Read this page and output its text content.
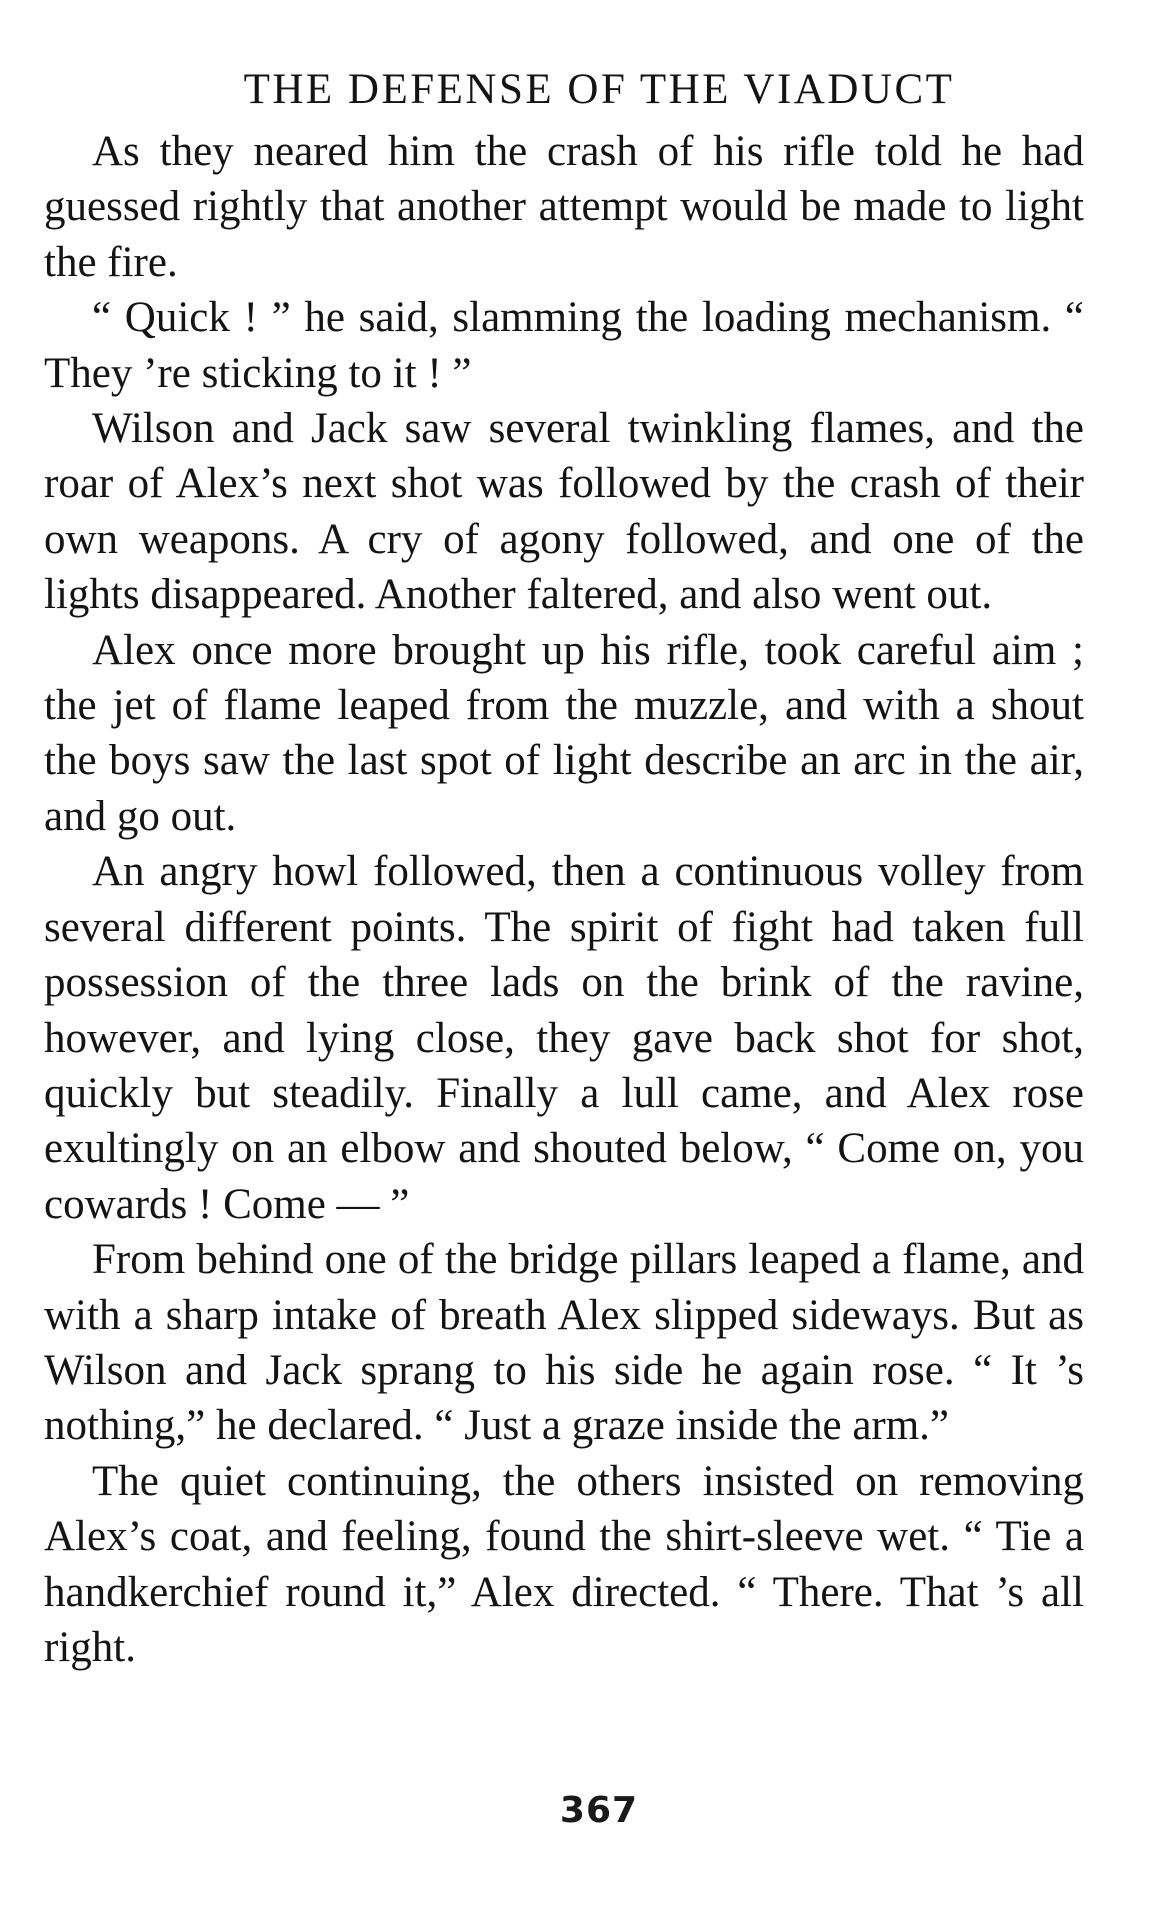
THE DEFENSE OF THE VIADUCT

As they neared him the crash of his rifle told he had guessed rightly that another attempt would be made to light the fire.

“ Quick ! ” he said, slamming the loading mechanism. “ They ’re sticking to it ! ”

Wilson and Jack saw several twinkling flames, and the roar of Alex’s next shot was followed by the crash of their own weapons. A cry of agony followed, and one of the lights disappeared. Another faltered, and also went out.

Alex once more brought up his rifle, took careful aim ; the jet of flame leaped from the muzzle, and with a shout the boys saw the last spot of light describe an arc in the air, and go out.

An angry howl followed, then a continuous volley from several different points. The spirit of fight had taken full possession of the three lads on the brink of the ravine, however, and lying close, they gave back shot for shot, quickly but steadily. Finally a lull came, and Alex rose exultingly on an elbow and shouted below, “ Come on, you cowards ! Come — ”

From behind one of the bridge pillars leaped a flame, and with a sharp intake of breath Alex slipped sideways. But as Wilson and Jack sprang to his side he again rose. “ It ’s nothing,” he declared. “ Just a graze inside the arm.”

The quiet continuing, the others insisted on removing Alex’s coat, and feeling, found the shirt-sleeve wet. “ Tie a handkerchief round it,” Alex directed. “ There. That ’s all right.

367
